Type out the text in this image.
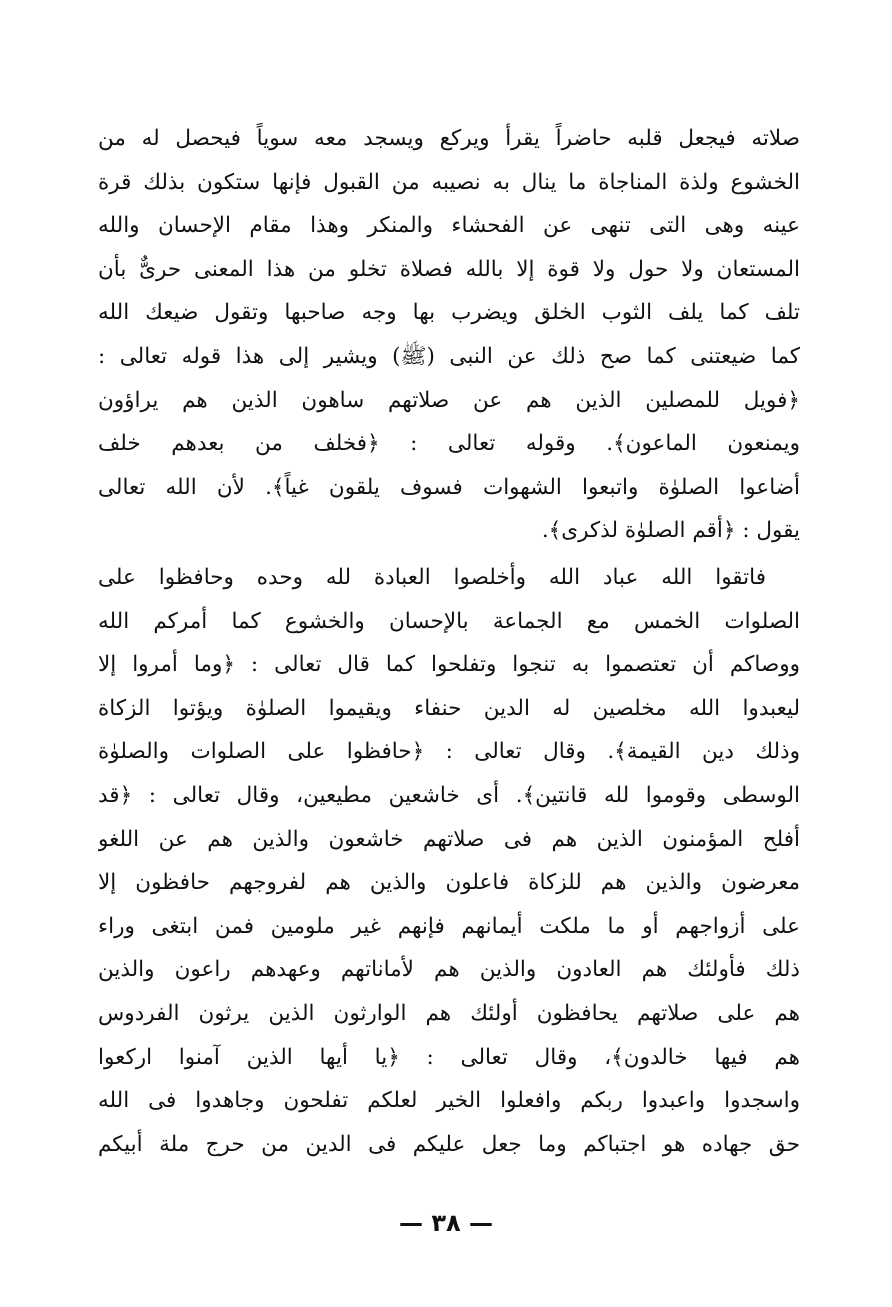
صلاته فيجعل قلبه حاضراً يقرأ ويركع ويسجد معه سوياً فيحصل له من
الخشوع ولذة المناجاة ما ينال به نصيبه من القبول فإنها ستكون بذلك قرة
عينه وهى التى تنهى عن الفحشاء والمنكر وهذا مقام الإحسان والله
المستعان ولا حول ولا قوة إلا بالله فصلاة تخلو من هذا المعنى حرىٌّ بأن
تلف كما يلف الثوب الخلق ويضرب بها وجه صاحبها وتقول ضيعك الله
كما ضيعتنى كما صح ذلك عن النبى (ﷺ) ويشير إلى هذا قوله تعالى :
﴿فويل للمصلين الذين هم عن صلاتهم ساهون الذين هم يراؤون
ويمنعون الماعون﴾. وقوله تعالى : ﴿فخلف من بعدهم خلف
أضاعوا الصلوٰة واتبعوا الشهوات فسوف يلقون غياً﴾. لأن الله تعالى
يقول : ﴿أقم الصلوٰة لذكرى﴾.
فاتقوا الله عباد الله وأخلصوا العبادة لله وحده وحافظوا على
الصلوات الخمس مع الجماعة بالإحسان والخشوع كما أمركم الله
ووصاكم أن تعتصموا به تنجوا وتفلحوا كما قال تعالى : ﴿وما أمروا إلا
ليعبدوا الله مخلصين له الدين حنفاء ويقيموا الصلوٰة ويؤتوا الزكاة
وذلك دين القيمة﴾. وقال تعالى : ﴿حافظوا على الصلوات والصلوٰة
الوسطى وقوموا لله قانتين﴾. أى خاشعين مطيعين، وقال تعالى : ﴿قد
أفلح المؤمنون الذين هم فى صلاتهم خاشعون والذين هم عن اللغو
معرضون والذين هم للزكاة فاعلون والذين هم لفروجهم حافظون إلا
على أزواجهم أو ما ملكت أيمانهم فإنهم غير ملومين فمن ابتغى وراء
ذلك فأولئك هم العادون والذين هم لأماناتهم وعهدهم راعون والذين
هم على صلاتهم يحافظون أولئك هم الوارثون الذين يرثون الفردوس
هم فيها خالدون﴾، وقال تعالى : ﴿يا أيها الذين آمنوا اركعوا
واسجدوا واعبدوا ربكم وافعلوا الخير لعلكم تفلحون وجاهدوا فى الله
حق جهاده هو اجتباكم وما جعل عليكم فى الدين من حرج ملة أبيكم
— ٣٨ —
